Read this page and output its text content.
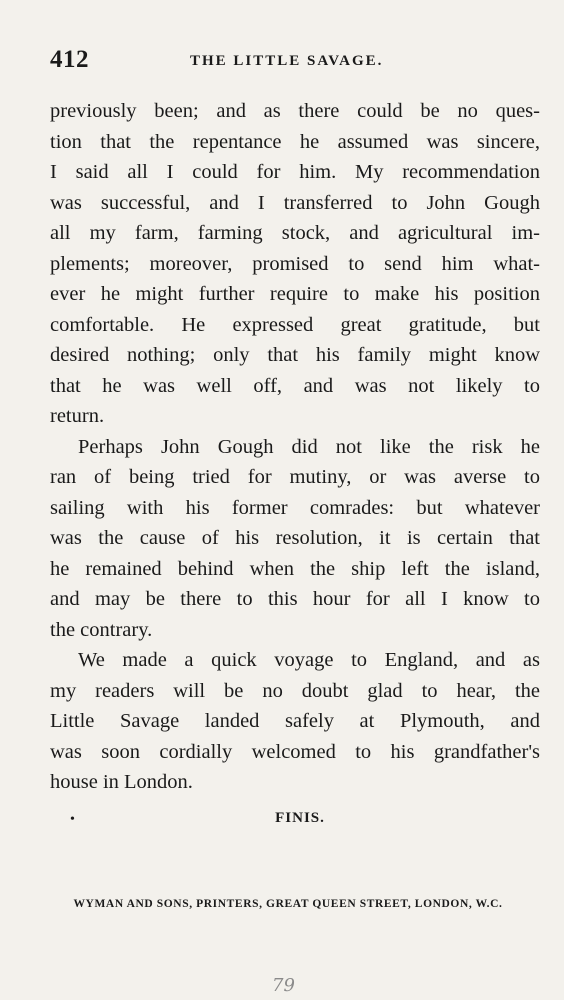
412	THE LITTLE SAVAGE.
previously been; and as there could be no ques-
tion that the repentance he assumed was sincere,
I said all I could for him. My recommendation
was successful, and I transferred to John Gough
all my farm, farming stock, and agricultural im-
plements; moreover, promised to send him what-
ever he might further require to make his position
comfortable. He expressed great gratitude, but
desired nothing; only that his family might know
that he was well off, and was not likely to
return.
Perhaps John Gough did not like the risk he
ran of being tried for mutiny, or was averse to
sailing with his former comrades: but whatever
was the cause of his resolution, it is certain that
he remained behind when the ship left the island,
and may be there to this hour for all I know to
the contrary.
We made a quick voyage to England, and as
my readers will be no doubt glad to hear, the
Little Savage landed safely at Plymouth, and
was soon cordially welcomed to his grandfather's
house in London.
•	FINIS.
WYMAN AND SONS, PRINTERS, GREAT QUEEN STREET, LONDON, W.C.
79
